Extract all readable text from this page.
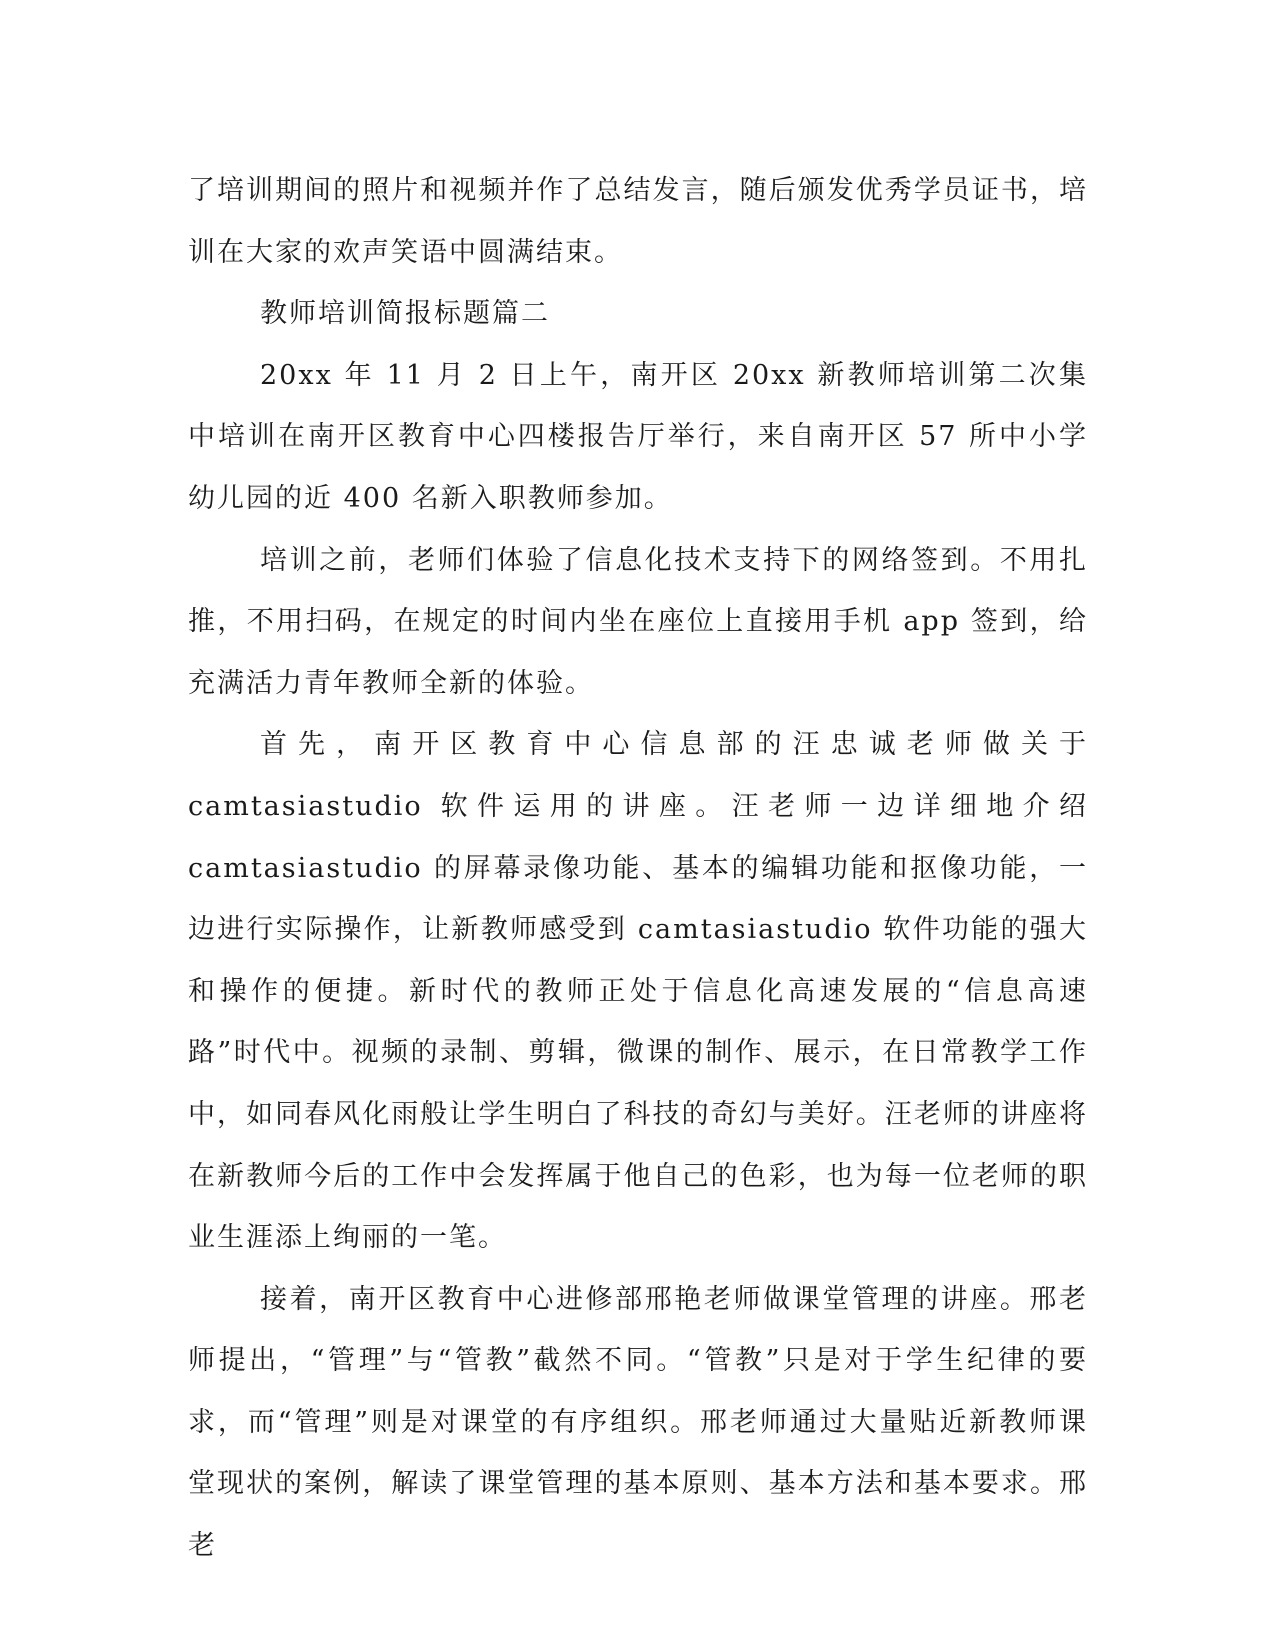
了培训期间的照片和视频并作了总结发言，随后颁发优秀学员证书，培训在大家的欢声笑语中圆满结束。

教师培训简报标题篇二

20xx 年 11 月 2 日上午，南开区 20xx 新教师培训第二次集中培训在南开区教育中心四楼报告厅举行，来自南开区 57 所中小学幼儿园的近 400 名新入职教师参加。

培训之前，老师们体验了信息化技术支持下的网络签到。不用扎推，不用扫码，在规定的时间内坐在座位上直接用手机 app 签到，给充满活力青年教师全新的体验。

首先，南开区教育中心信息部的汪忠诚老师做关于 camtasiastudio 软件运用的讲座。汪老师一边详细地介绍 camtasiastudio 的屏幕录像功能、基本的编辑功能和抠像功能，一边进行实际操作，让新教师感受到 camtasiastudio 软件功能的强大和操作的便捷。新时代的教师正处于信息化高速发展的“信息高速路”时代中。视频的录制、剪辑，微课的制作、展示，在日常教学工作中，如同春风化雨般让学生明白了科技的奇幻与美好。汪老师的讲座将在新教师今后的工作中会发挥属于他自己的色彩，也为每一位老师的职业生涯添上绚丽的一笔。

接着，南开区教育中心进修部邢艳老师做课堂管理的讲座。邢老师提出，“管理”与“管教”截然不同。“管教”只是对于学生纪律的要求，而“管理”则是对课堂的有序组织。邢老师通过大量贴近新教师课堂现状的案例，解读了课堂管理的基本原则、基本方法和基本要求。邢老
